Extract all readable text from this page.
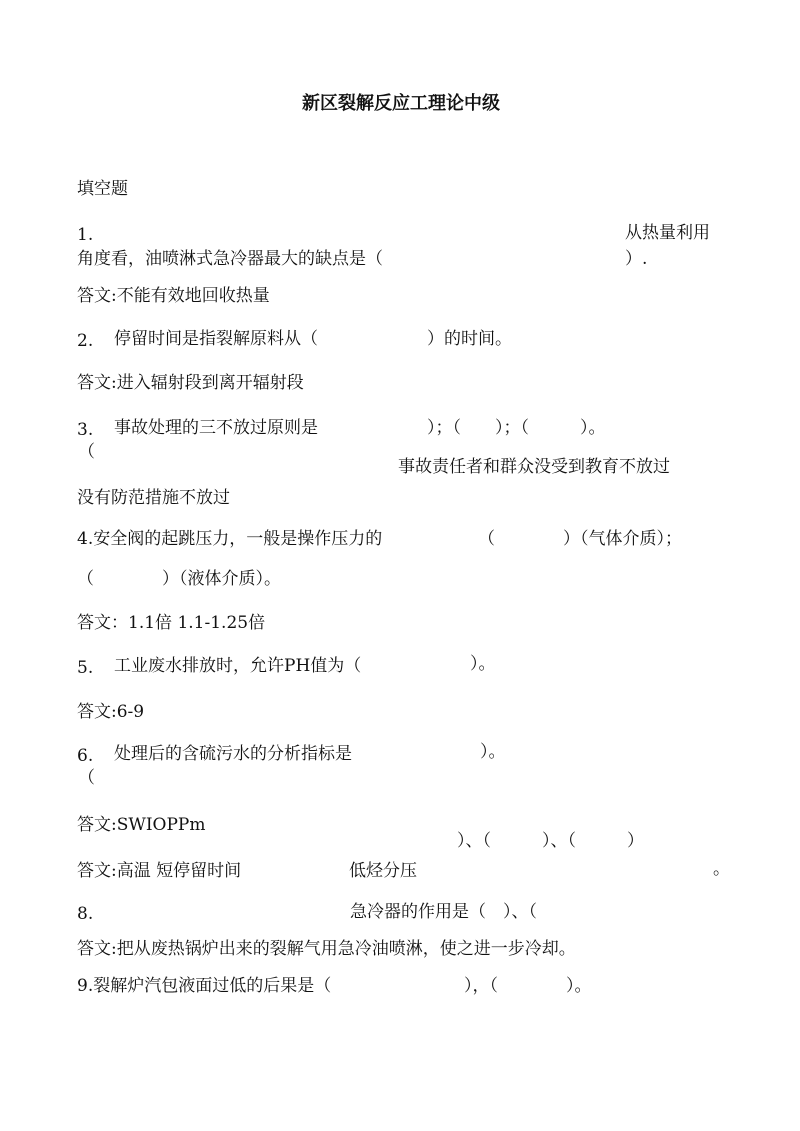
新区裂解反应工理论中级
填空题
1.	从热量利用
角度看，油喷淋式急冷器最大的缺点是（	）.
答文:不能有效地回收热量
2. 停留时间是指裂解原料从（	）的时间。
答文:进入辐射段到离开辐射段
3. 事故处理的三不放过原则是	）；（　　）；（　　　）。
（
事故责任者和群众没受到教育不放过
没有防范措施不放过
4.安全阀的起跳压力，一般是操作压力的	（　　　　）（气体介质）；
（　　　　）（液体介质）。
答文：1.1倍 1.1-1.25倍
5. 工业废水排放时，允许PH值为（	）。
答文:6-9
6. 处理后的含硫污水的分析指标是	）。
（
答文:SWIOPPm
）、（　　　）、（　　　）
答文:高温 短停留时间	低烃分压	。
8.	急冷器的作用是（　）、（
答文:把从废热锅炉出来的裂解气用急冷油喷淋，使之进一步冷却。
9.裂解炉汽包液面过低的后果是（	），（　　　　）。
